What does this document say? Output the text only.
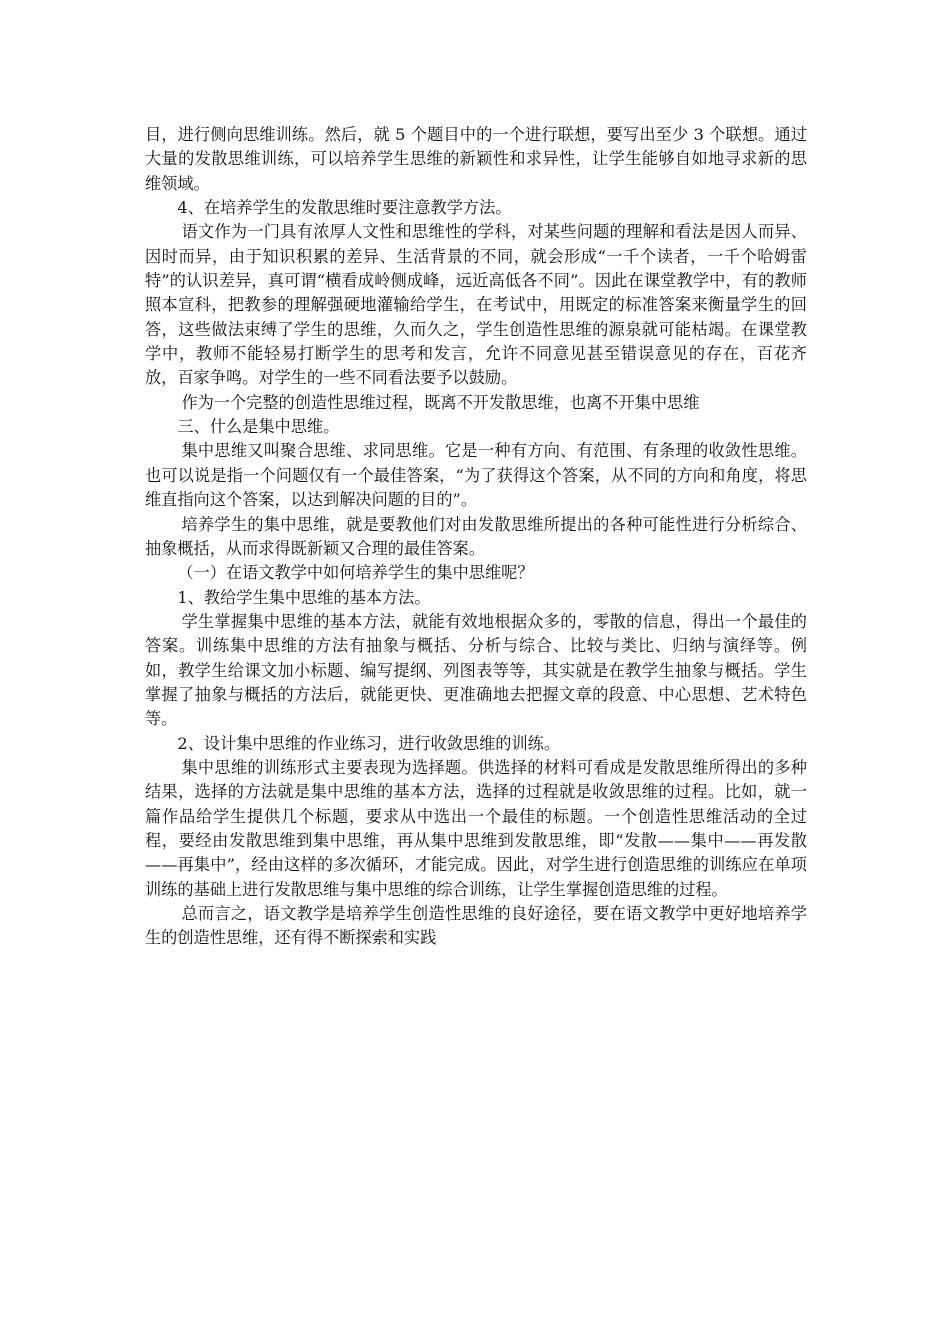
目，进行侧向思维训练。然后，就 5 个题目中的一个进行联想，要写出至少 3 个联想。通过大量的发散思维训练，可以培养学生思维的新颖性和求异性，让学生能够自如地寻求新的思维领域。

4、在培养学生的发散思维时要注意教学方法。

语文作为一门具有浓厚人文性和思维性的学科，对某些问题的理解和看法是因人而异、因时而异，由于知识积累的差异、生活背景的不同，就会形成“一千个读者，一千个哈姆雷特”的认识差异，真可谓“横看成岭侧成峰，远近高低各不同”。因此在课堂教学中，有的教师照本宣科，把教参的理解强硬地灌输给学生，在考试中，用既定的标准答案来衡量学生的回答，这些做法束缚了学生的思维，久而久之，学生创造性思维的源泉就可能枯竭。在课堂教学中，教师不能轻易打断学生的思考和发言，允许不同意见甚至错误意见的存在，百花齐放，百家争鸣。对学生的一些不同看法要予以鼓励。

作为一个完整的创造性思维过程，既离不开发散思维，也离不开集中思维

三、什么是集中思维。

集中思维又叫聚合思维、求同思维。它是一种有方向、有范围、有条理的收敛性思维。也可以说是指一个问题仅有一个最佳答案，“为了获得这个答案，从不同的方向和角度，将思维直指向这个答案，以达到解决问题的目的”。

培养学生的集中思维，就是要教他们对由发散思维所提出的各种可能性进行分析综合、抽象概括，从而求得既新颖又合理的最佳答案。

（一）在语文教学中如何培养学生的集中思维呢？

1、教给学生集中思维的基本方法。

学生掌握集中思维的基本方法，就能有效地根据众多的，零散的信息，得出一个最佳的答案。训练集中思维的方法有抽象与概括、分析与综合、比较与类比、归纳与演绎等。例如，教学生给课文加小标题、编写提纲、列图表等等，其实就是在教学生抽象与概括。学生掌握了抽象与概括的方法后，就能更快、更准确地去把握文章的段意、中心思想、艺术特色等。

2、设计集中思维的作业练习，进行收敛思维的训练。

集中思维的训练形式主要表现为选择题。供选择的材料可看成是发散思维所得出的多种结果，选择的方法就是集中思维的基本方法，选择的过程就是收敛思维的过程。比如，就一篇作品给学生提供几个标题，要求从中选出一个最佳的标题。一个创造性思维活动的全过程，要经由发散思维到集中思维，再从集中思维到发散思维，即“发散——集中——再发散——再集中”，经由这样的多次循环，才能完成。因此，对学生进行创造思维的训练应在单项训练的基础上进行发散思维与集中思维的综合训练，让学生掌握创造思维的过程。

总而言之，语文教学是培养学生创造性思维的良好途径，要在语文教学中更好地培养学生的创造性思维，还有得不断探索和实践
